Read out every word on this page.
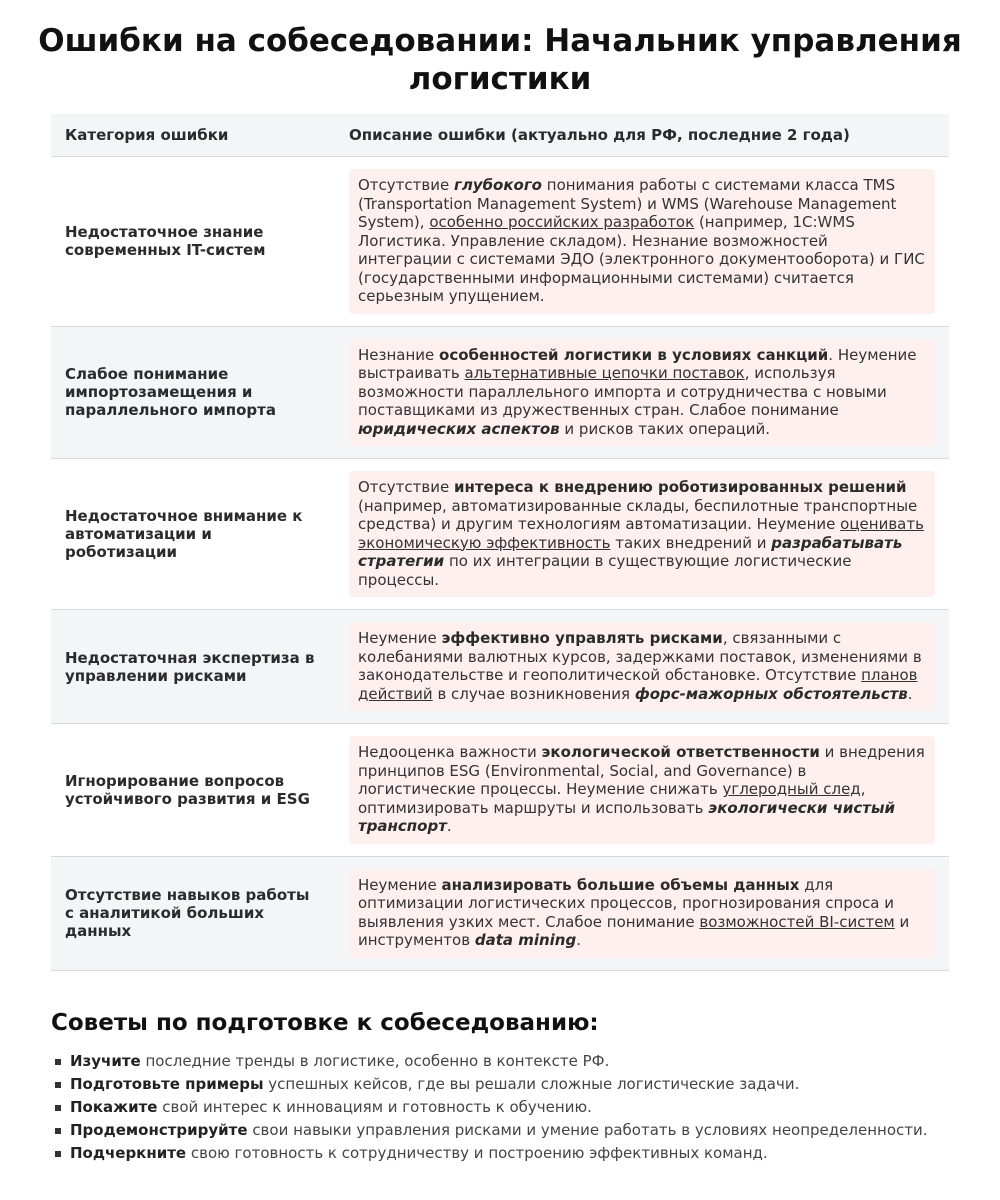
Ошибки на собеседовании: Начальник управления логистики
Категория ошибки	Описание ошибки (актуально для РФ, последние 2 года)
Недостаточное знание современных IT-систем	Отсутствие глубокого понимания работы с системами класса TMS (Transportation Management System) и WMS (Warehouse Management System), особенно российских разработок (например, 1С:WMS Логистика. Управление складом). Незнание возможностей интеграции с системами ЭДО (электронного документооборота) и ГИС (государственными информационными системами) считается серьезным упущением.

Слабое понимание импортозамещения и параллельного импорта	Незнание особенностей логистики в условиях санкций. Неумение выстраивать альтернативные цепочки поставок, используя возможности параллельного импорта и сотрудничества с новыми поставщиками из дружественных стран. Слабое понимание юридических аспектов и рисков таких операций.

Недостаточное внимание к автоматизации и роботизации	Отсутствие интереса к внедрению роботизированных решений (например, автоматизированные склады, беспилотные транспортные средства) и другим технологиям автоматизации. Неумение оценивать экономическую эффективность таких внедрений и разрабатывать стратегии по их интеграции в существующие логистические процессы.

Недостаточная экспертиза в управлении рисками	Неумение эффективно управлять рисками, связанными с колебаниями валютных курсов, задержками поставок, изменениями в законодательстве и геополитической обстановке. Отсутствие планов действий в случае возникновения форс-мажорных обстоятельств.

Игнорирование вопросов устойчивого развития и ESG	Недооценка важности экологической ответственности и внедрения принципов ESG (Environmental, Social, and Governance) в логистические процессы. Неумение снижать углеродный след, оптимизировать маршруты и использовать экологически чистый транспорт.

Отсутствие навыков работы с аналитикой больших данных	Неумение анализировать большие объемы данных для оптимизации логистических процессов, прогнозирования спроса и выявления узких мест. Слабое понимание возможностей BI-систем и инструментов data mining.
Советы по подготовке к собеседованию:
Изучите последние тренды в логистике, особенно в контексте РФ.
Подготовьте примеры успешных кейсов, где вы решали сложные логистические задачи.
Покажите свой интерес к инновациям и готовность к обучению.
Продемонстрируйте свои навыки управления рисками и умение работать в условиях неопределенности.
Подчеркните свою готовность к сотрудничеству и построению эффективных команд.
